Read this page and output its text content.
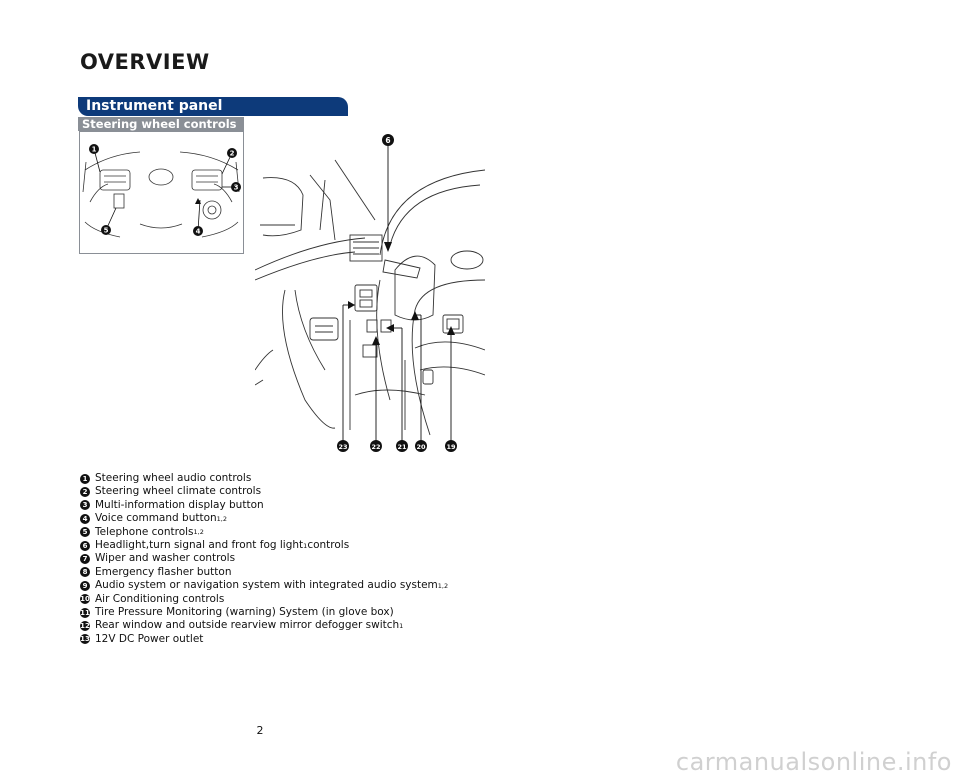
OVERVIEW
Instrument panel
Steering wheel controls
1	2
3
4
5
6
23	22	21 20	19
1 Steering wheel audio controls
2 Steering wheel climate controls
3 Multi-information display button
4 Voice command button 1,2
5 Telephone controls 1,2
6 Headlight,turn signal and front fog light 1 controls
7 Wiper and washer controls
8 Emergency flasher button
9 Audio system or navigation system with integrated audio system 1,2
10 Air Conditioning controls
11 Tire Pressure Monitoring (warning) System (in glove box)
12 Rear window and outside rearview mirror defogger switch 1
13 12V DC Power outlet
2
carmanualsonline.info
